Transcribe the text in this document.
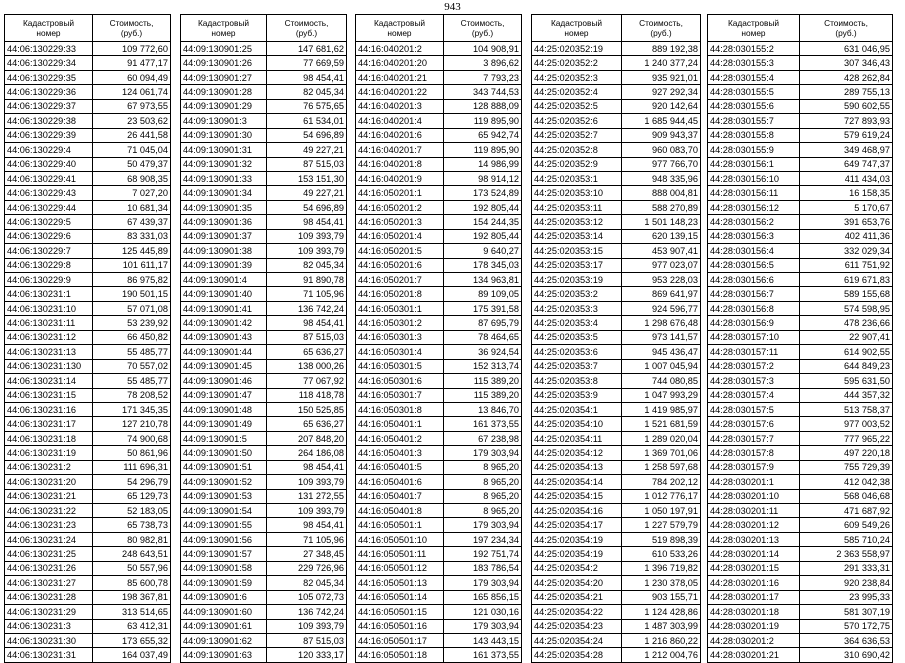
943
Кадастровый
номер	Стоимость,
(руб.)

44:06:130229:33	109 772,60
44:06:130229:34	91 477,17
44:06:130229:35	60 094,49
44:06:130229:36	124 061,74
44:06:130229:37	67 973,55
44:06:130229:38	23 503,62
44:06:130229:39	26 441,58
44:06:130229:4	71 045,04
44:06:130229:40	50 479,37
44:06:130229:41	68 908,35
44:06:130229:43	7 027,20
44:06:130229:44	10 681,34
44:06:130229:5	67 439,37
44:06:130229:6	83 331,03
44:06:130229:7	125 445,89
44:06:130229:8	101 611,17
44:06:130229:9	86 975,82
44:06:130231:1	190 501,15
44:06:130231:10	57 071,08
44:06:130231:11	53 239,92
44:06:130231:12	66 450,82
44:06:130231:13	55 485,77
44:06:130231:130	70 557,02
44:06:130231:14	55 485,77
44:06:130231:15	78 208,52
44:06:130231:16	171 345,35
44:06:130231:17	127 210,78
44:06:130231:18	74 900,68
44:06:130231:19	50 861,96
44:06:130231:2	111 696,31
44:06:130231:20	54 296,79
44:06:130231:21	65 129,73
44:06:130231:22	52 183,05
44:06:130231:23	65 738,73
44:06:130231:24	80 982,81
44:06:130231:25	248 643,51
44:06:130231:26	50 557,96
44:06:130231:27	85 600,78
44:06:130231:28	198 367,81
44:06:130231:29	313 514,65
44:06:130231:3	63 412,31
44:06:130231:30	173 655,32
44:06:130231:31	164 037,49
Кадастровый
номер	Стоимость,
(руб.)

44:09:130901:25	147 681,62
44:09:130901:26	77 669,59
44:09:130901:27	98 454,41
44:09:130901:28	82 045,34
44:09:130901:29	76 575,65
44:09:130901:3	61 534,01
44:09:130901:30	54 696,89
44:09:130901:31	49 227,21
44:09:130901:32	87 515,03
44:09:130901:33	153 151,30
44:09:130901:34	49 227,21
44:09:130901:35	54 696,89
44:09:130901:36	98 454,41
44:09:130901:37	109 393,79
44:09:130901:38	109 393,79
44:09:130901:39	82 045,34
44:09:130901:4	91 890,78
44:09:130901:40	71 105,96
44:09:130901:41	136 742,24
44:09:130901:42	98 454,41
44:09:130901:43	87 515,03
44:09:130901:44	65 636,27
44:09:130901:45	138 000,26
44:09:130901:46	77 067,92
44:09:130901:47	118 418,78
44:09:130901:48	150 525,85
44:09:130901:49	65 636,27
44:09:130901:5	207 848,20
44:09:130901:50	264 186,08
44:09:130901:51	98 454,41
44:09:130901:52	109 393,79
44:09:130901:53	131 272,55
44:09:130901:54	109 393,79
44:09:130901:55	98 454,41
44:09:130901:56	71 105,96
44:09:130901:57	27 348,45
44:09:130901:58	229 726,96
44:09:130901:59	82 045,34
44:09:130901:6	105 072,73
44:09:130901:60	136 742,24
44:09:130901:61	109 393,79
44:09:130901:62	87 515,03
44:09:130901:63	120 333,17
Кадастровый
номер	Стоимость,
(руб.)

44:16:040201:2	104 908,91
44:16:040201:20	3 896,62
44:16:040201:21	7 793,23
44:16:040201:22	343 744,53
44:16:040201:3	128 888,09
44:16:040201:4	119 895,90
44:16:040201:6	65 942,74
44:16:040201:7	119 895,90
44:16:040201:8	14 986,99
44:16:040201:9	98 914,12
44:16:050201:1	173 524,89
44:16:050201:2	192 805,44
44:16:050201:3	154 244,35
44:16:050201:4	192 805,44
44:16:050201:5	9 640,27
44:16:050201:6	178 345,03
44:16:050201:7	134 963,81
44:16:050201:8	89 109,05
44:16:050301:1	175 391,58
44:16:050301:2	87 695,79
44:16:050301:3	78 464,65
44:16:050301:4	36 924,54
44:16:050301:5	152 313,74
44:16:050301:6	115 389,20
44:16:050301:7	115 389,20
44:16:050301:8	13 846,70
44:16:050401:1	161 373,55
44:16:050401:2	67 238,98
44:16:050401:3	179 303,94
44:16:050401:5	8 965,20
44:16:050401:6	8 965,20
44:16:050401:7	8 965,20
44:16:050401:8	8 965,20
44:16:050501:1	179 303,94
44:16:050501:10	197 234,34
44:16:050501:11	192 751,74
44:16:050501:12	183 786,54
44:16:050501:13	179 303,94
44:16:050501:14	165 856,15
44:16:050501:15	121 030,16
44:16:050501:16	179 303,94
44:16:050501:17	143 443,15
44:16:050501:18	161 373,55
Кадастровый
номер	Стоимость,
(руб.)

44:25:020352:19	889 192,38
44:25:020352:2	1 240 377,24
44:25:020352:3	935 921,01
44:25:020352:4	927 292,34
44:25:020352:5	920 142,64
44:25:020352:6	1 685 944,45
44:25:020352:7	909 943,37
44:25:020352:8	960 083,70
44:25:020352:9	977 766,70
44:25:020353:1	948 335,96
44:25:020353:10	888 004,81
44:25:020353:11	588 270,89
44:25:020353:12	1 501 148,23
44:25:020353:14	620 139,15
44:25:020353:15	453 907,41
44:25:020353:17	977 023,07
44:25:020353:19	953 228,03
44:25:020353:2	869 641,97
44:25:020353:3	924 596,77
44:25:020353:4	1 298 676,48
44:25:020353:5	973 141,57
44:25:020353:6	945 436,47
44:25:020353:7	1 007 045,94
44:25:020353:8	744 080,85
44:25:020353:9	1 047 993,29
44:25:020354:1	1 419 985,97
44:25:020354:10	1 521 681,59
44:25:020354:11	1 289 020,04
44:25:020354:12	1 369 701,06
44:25:020354:13	1 258 597,68
44:25:020354:14	784 202,12
44:25:020354:15	1 012 776,17
44:25:020354:16	1 050 197,91
44:25:020354:17	1 227 579,79
44:25:020354:19	519 898,39
44:25:020354:19	610 533,26
44:25:020354:2	1 396 719,82
44:25:020354:20	1 230 378,05
44:25:020354:21	903 155,71
44:25:020354:22	1 124 428,86
44:25:020354:23	1 487 303,99
44:25:020354:24	1 216 860,22
44:25:020354:28	1 212 004,76
Кадастровый
номер	Стоимость,
(руб.)

44:28:030155:2	631 046,95
44:28:030155:3	307 346,43
44:28:030155:4	428 262,84
44:28:030155:5	289 755,13
44:28:030155:6	590 602,55
44:28:030155:7	727 893,93
44:28:030155:8	579 619,24
44:28:030155:9	349 468,97
44:28:030156:1	649 747,37
44:28:030156:10	411 434,03
44:28:030156:11	16 158,35
44:28:030156:12	5 170,67
44:28:030156:2	391 653,76
44:28:030156:3	402 411,36
44:28:030156:4	332 029,34
44:28:030156:5	611 751,92
44:28:030156:6	619 671,83
44:28:030156:7	589 155,68
44:28:030156:8	574 598,95
44:28:030156:9	478 236,66
44:28:030157:10	22 907,41
44:28:030157:11	614 902,55
44:28:030157:2	644 849,23
44:28:030157:3	595 631,50
44:28:030157:4	444 357,32
44:28:030157:5	513 758,37
44:28:030157:6	977 003,52
44:28:030157:7	777 965,22
44:28:030157:8	497 220,18
44:28:030157:9	755 729,39
44:28:030201:1	412 042,38
44:28:030201:10	568 046,68
44:28:030201:11	471 687,92
44:28:030201:12	609 549,26
44:28:030201:13	585 710,24
44:28:030201:14	2 363 558,97
44:28:030201:15	291 333,31
44:28:030201:16	920 238,84
44:28:030201:17	23 995,33
44:28:030201:18	581 307,19
44:28:030201:19	570 172,75
44:28:030201:2	364 636,53
44:28:030201:21	310 690,42
